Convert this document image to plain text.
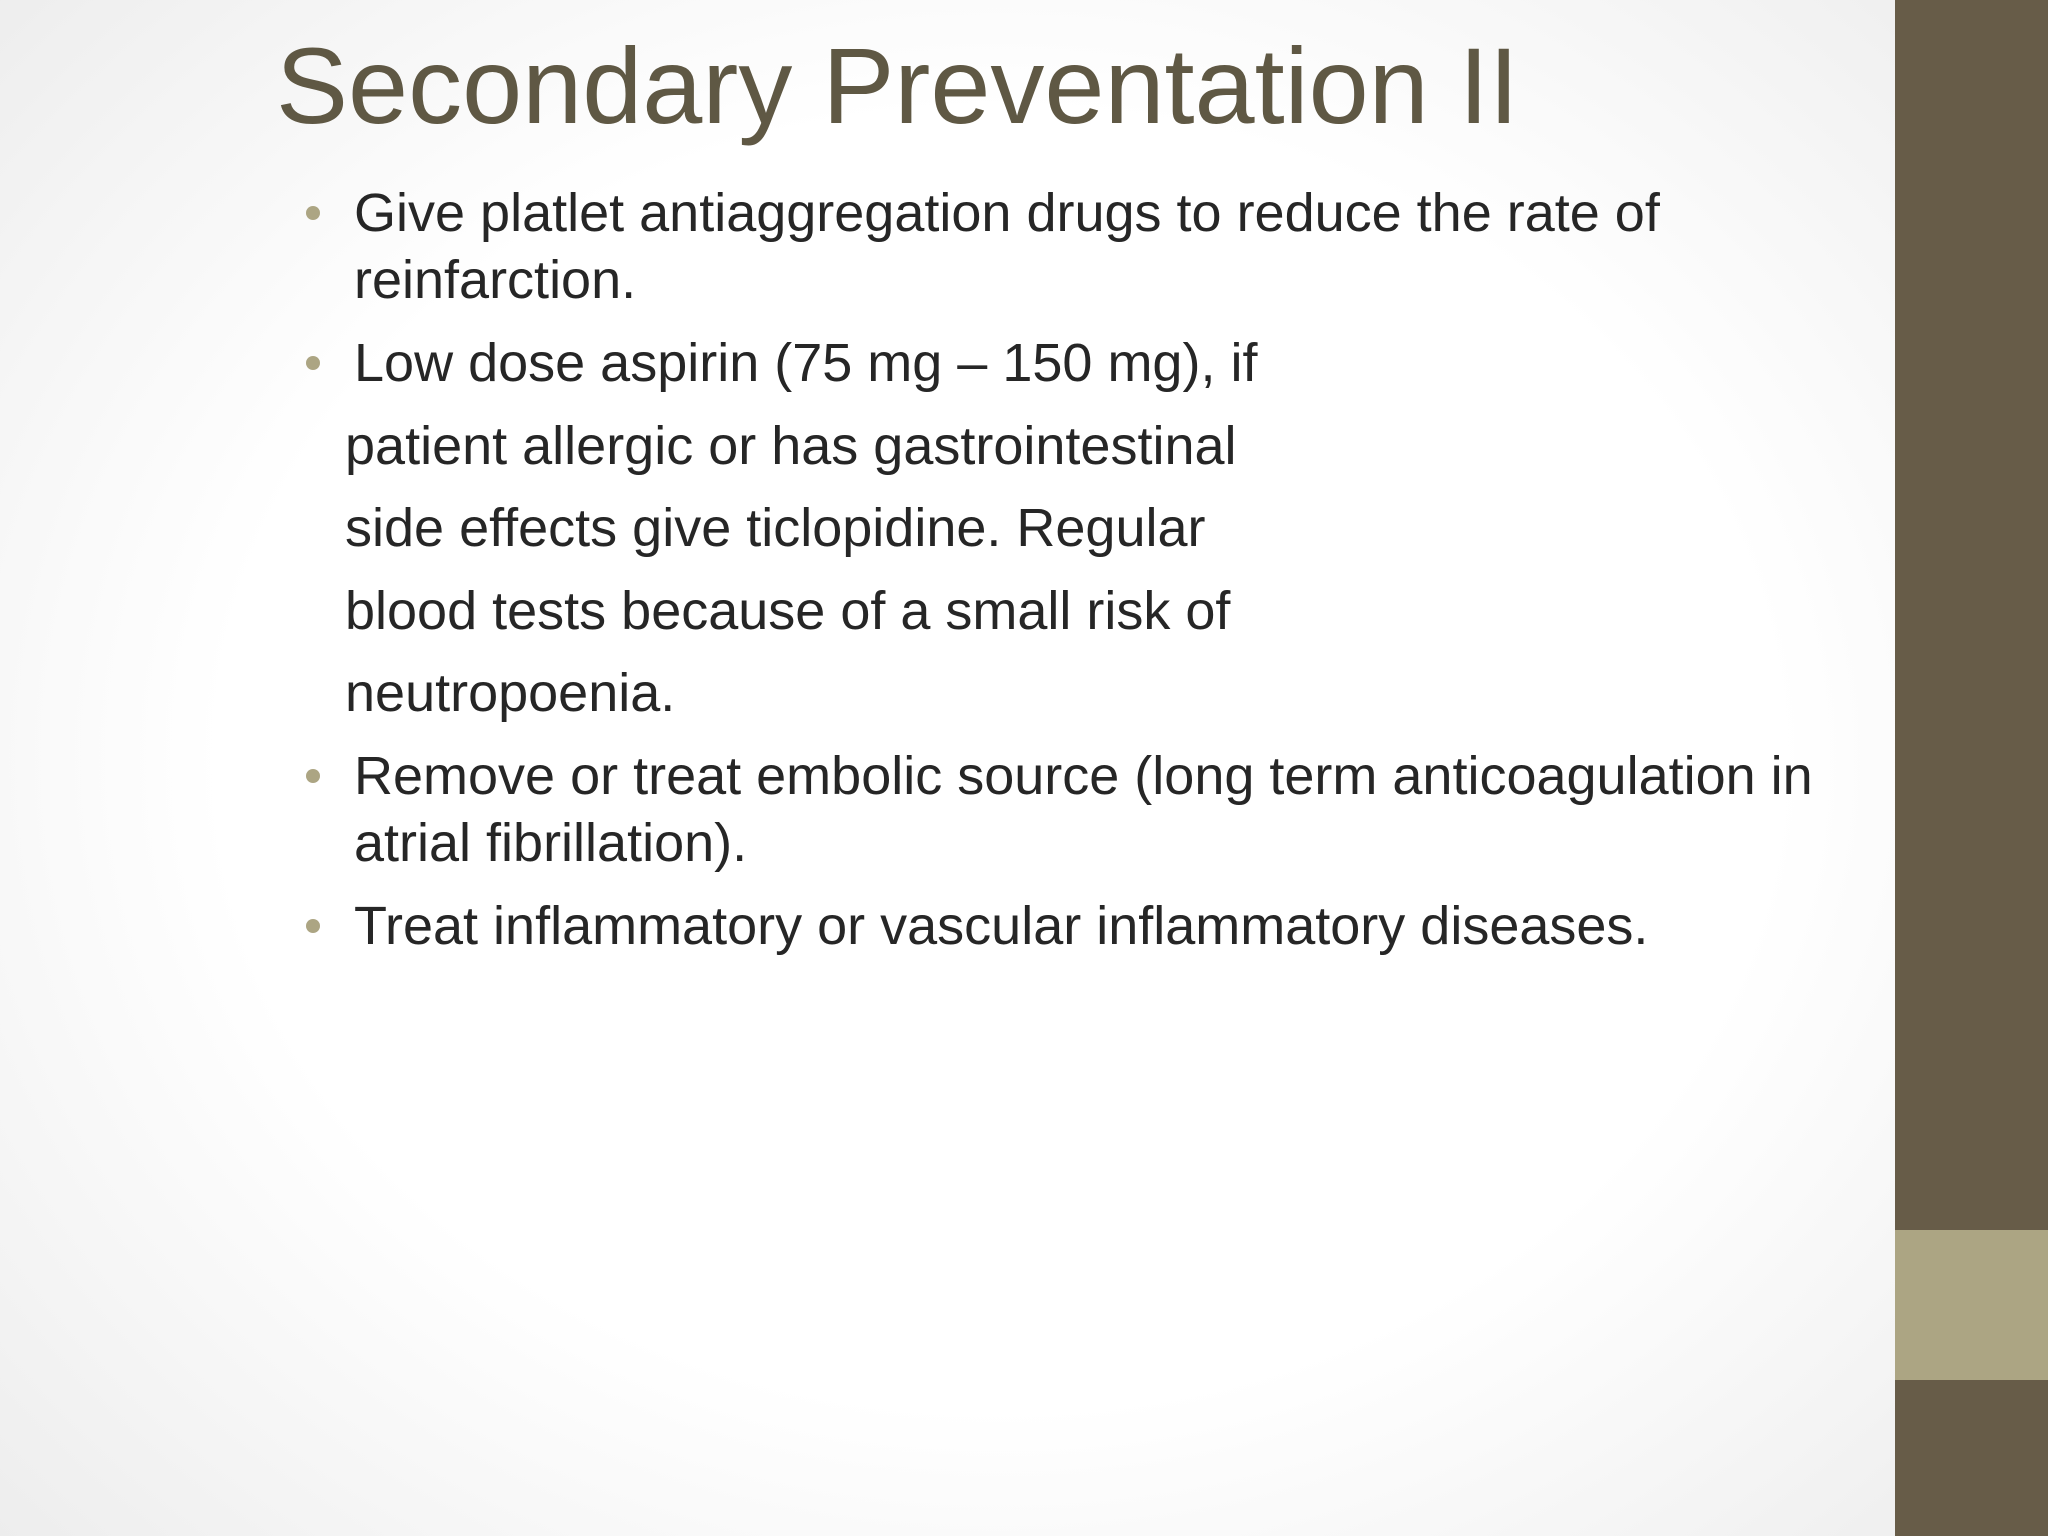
Secondary Preventation II
Give platlet antiaggregation drugs to reduce the rate of
reinfarction.
Low dose aspirin (75 mg – 150 mg), if
patient allergic or has gastrointestinal
side effects give ticlopidine. Regular
blood tests because of a small risk of
neutropoenia.
Remove or treat embolic source (long term anticoagulation in
atrial fibrillation).
Treat inflammatory or vascular inflammatory diseases.
